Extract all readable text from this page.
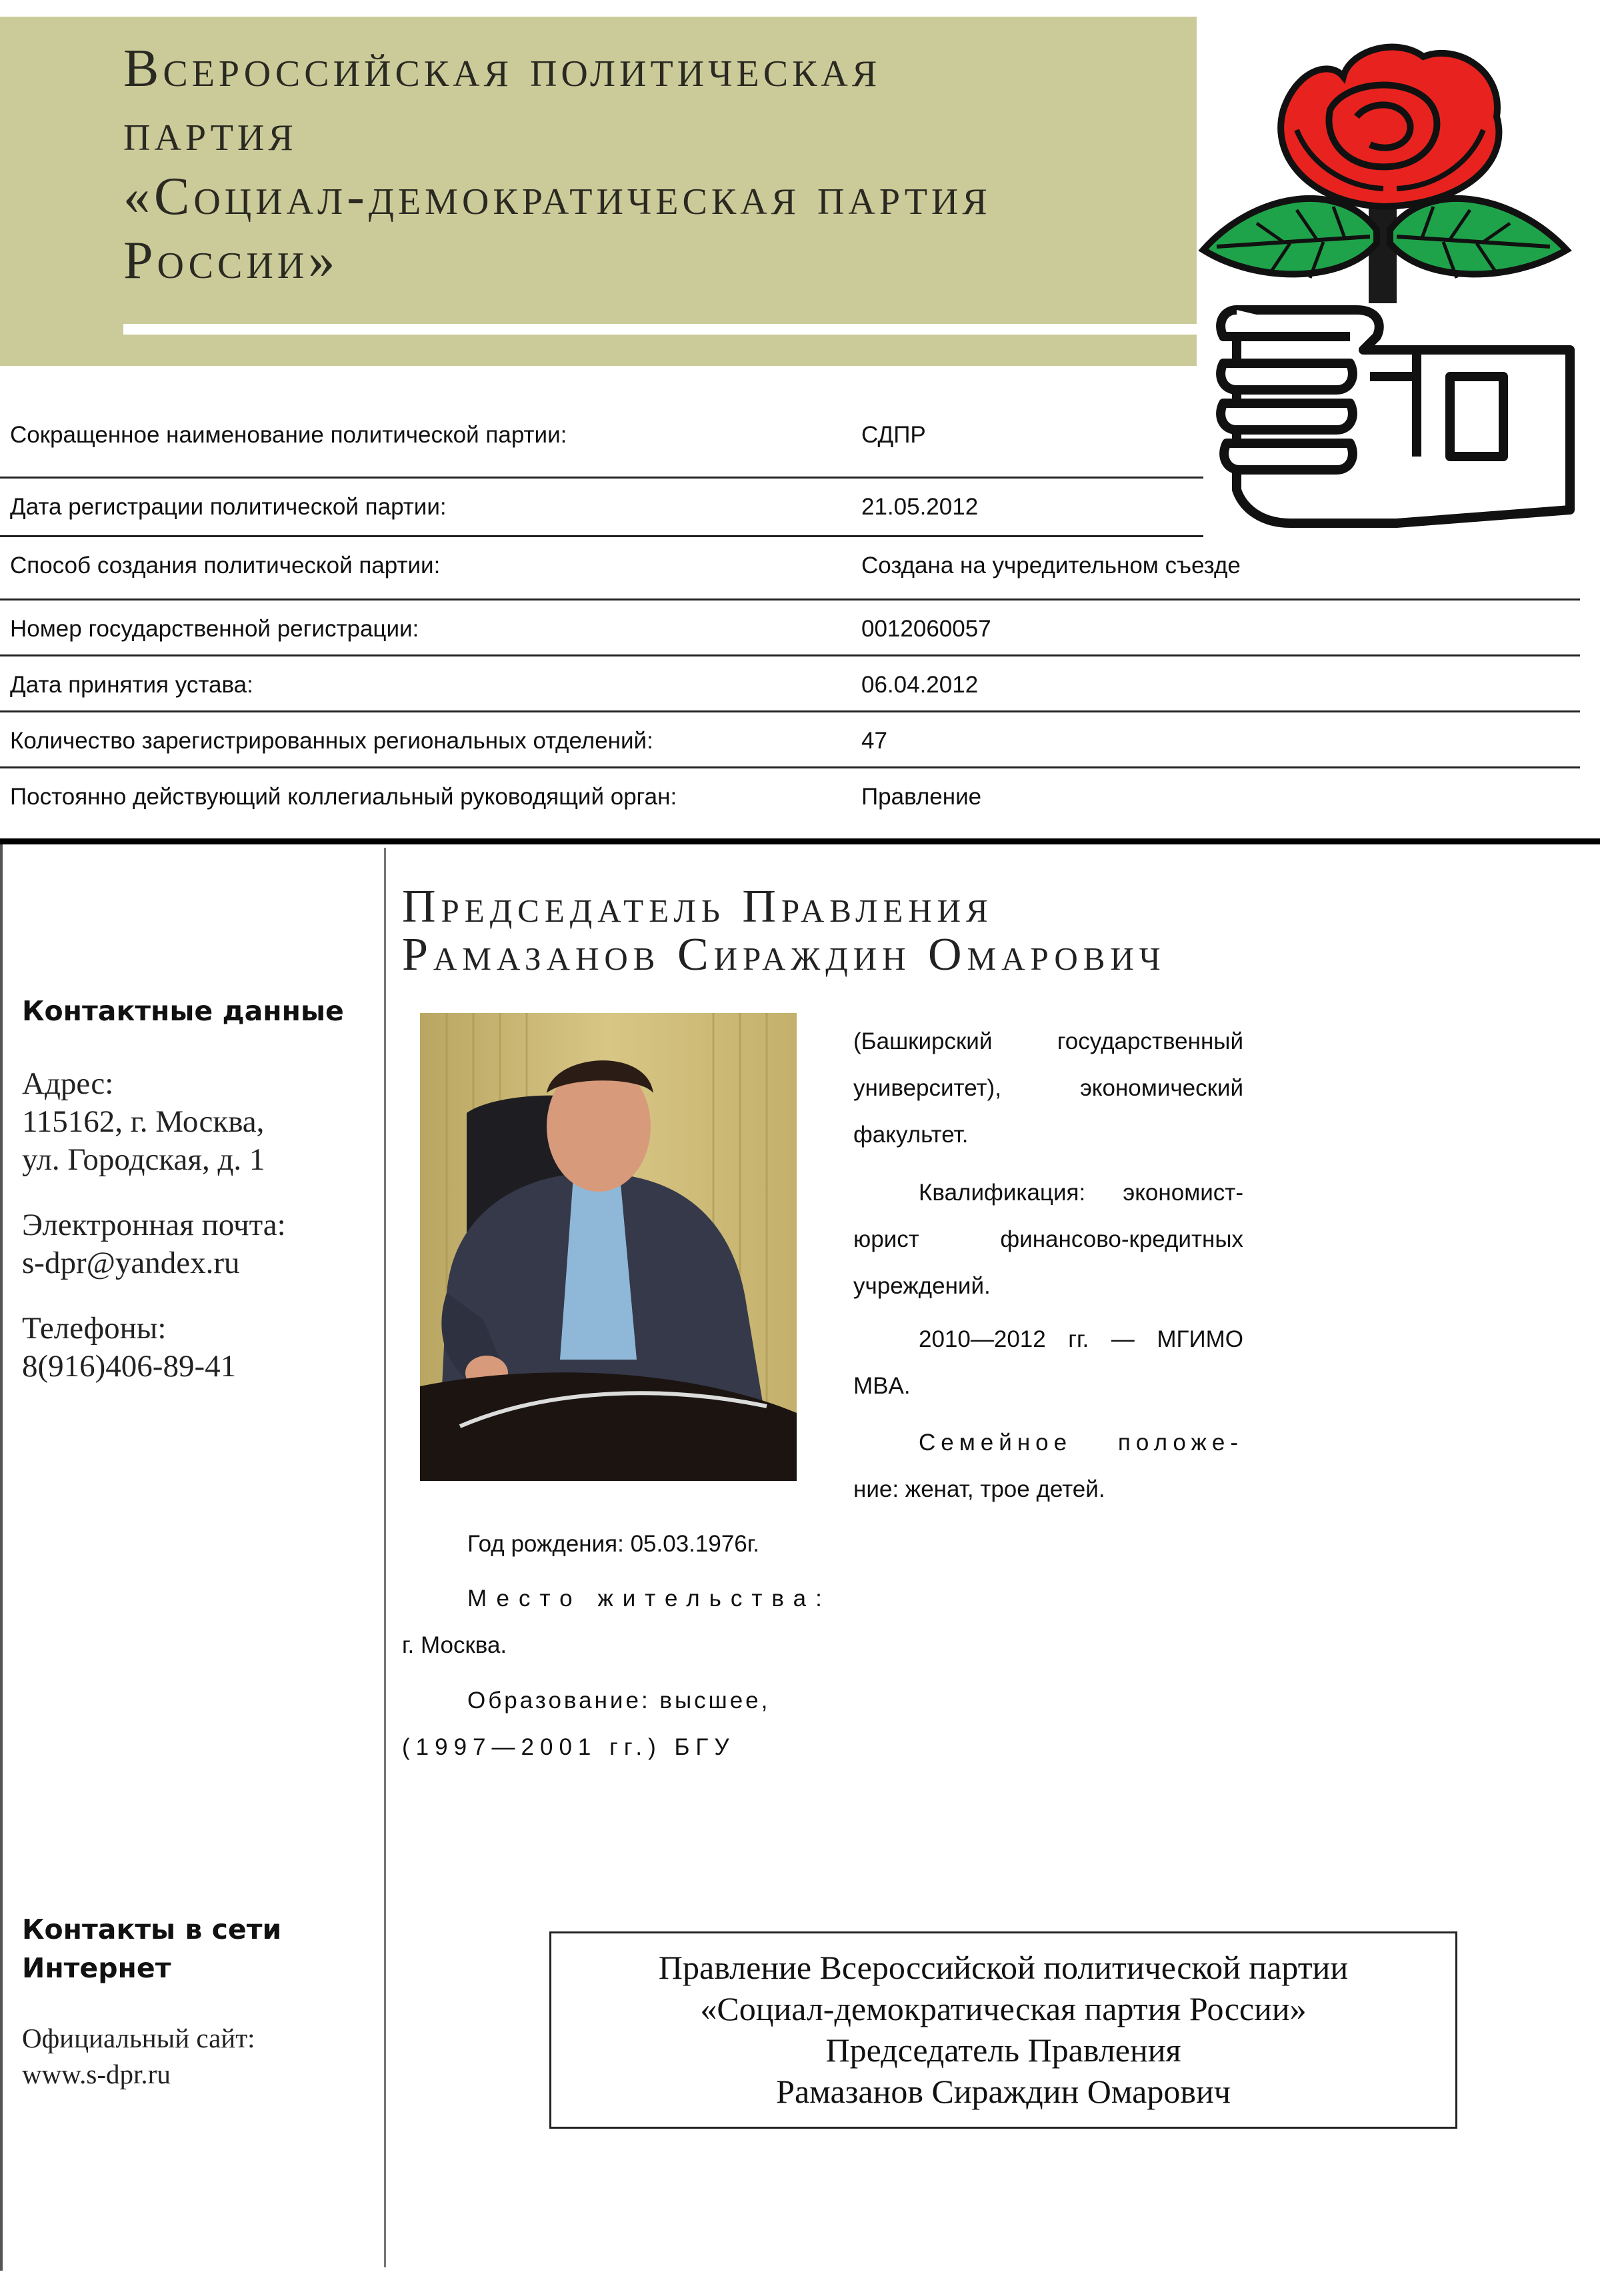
Всероссийская политическая
партия
«Социал-демократическая партия
России»
Сокращенное наименование политической партии:	СДПР
Дата регистрации политической партии:	21.05.2012
Способ создания политической партии:	Создана на учредительном съезде
Номер государственной регистрации:	0012060057
Дата принятия устава:	06.04.2012
Количество зарегистрированных региональных отделений:	47
Постоянно действующий коллегиальный руководящий орган:	Правление
Контактные данные
Адрес:
115162, г. Москва,
ул. Городская, д. 1
Электронная почта:
s-dpr@yandex.ru
Телефоны:
8(916)406-89-41
Контакты в сети
Интернет
Официальный сайт:
www.s-dpr.ru
Председатель Правления
Рамазанов Сираждин Омарович

Год рождения: 05.03.1976г.

Место жительства:
г. Москва.

Образование: высшее,
(1997—2001 гг.) БГУ

(Башкирский государственный
университет), экономический
факультет.
Квалификация: экономист-
юрист финансово-кредитных
учреждений.
2010—2012 гг. — МГИМО
MBA.
Семейное положе-
ние: женат, трое детей.
Правление Всероссийской политической партии
«Социал-демократическая партия России»
Председатель Правления
Рамазанов Сираждин Омарович
